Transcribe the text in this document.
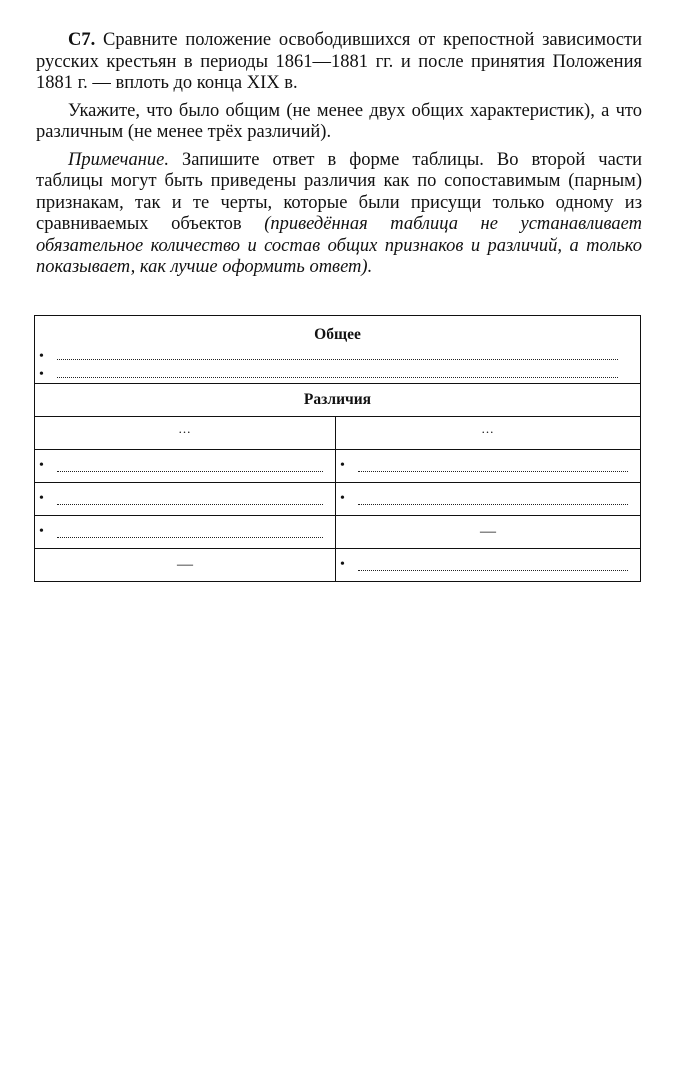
С7. Сравните положение освободившихся от крепостной зависимости русских крестьян в периоды 1861—1881 гг. и после принятия Положения 1881 г. — вплоть до конца XIX в.

Укажите, что было общим (не менее двух общих характеристик), а что различным (не менее трёх различий).

Примечание. Запишите ответ в форме таблицы. Во второй части таблицы могут быть приведены различия как по сопоставимым (парным) признакам, так и те черты, которые были присущи только одному из сравниваемых объектов (приведённая таблица не устанавливает обязательное количество и состав общих признаков и различий, а только показывает, как лучше оформить ответ).

Общее
•
•	

Различия	
...	...

•	•

•	•

•	—
—	•
